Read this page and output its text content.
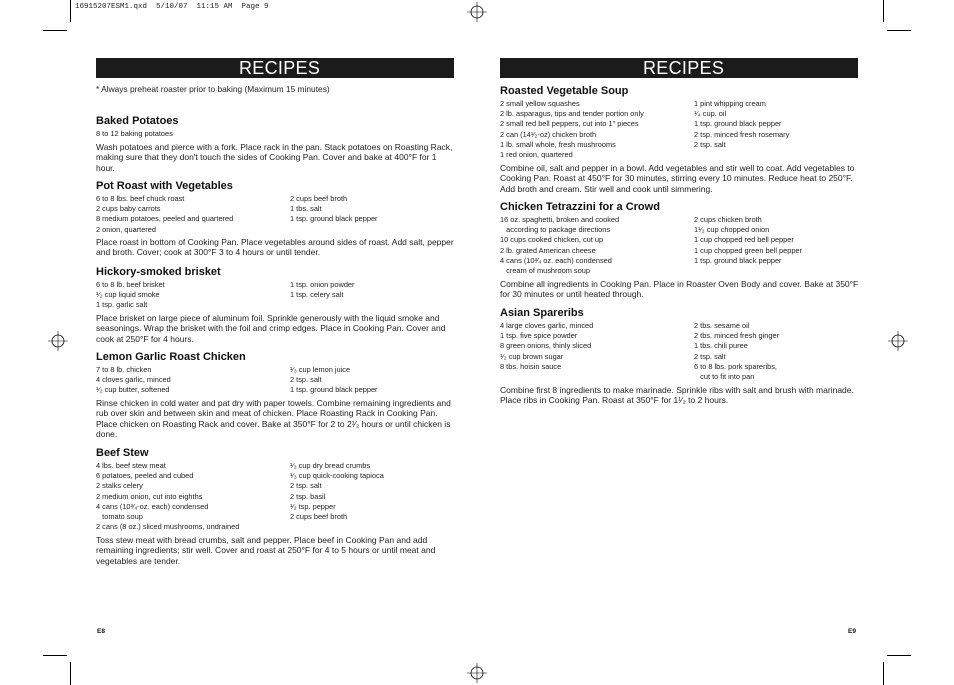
16915207ESM1.qxd  5/10/07  11:15 AM  Page 9
RECIPES
* Always preheat roaster prior to baking (Maximum 15 minutes)
Baked Potatoes
8 to 12 baking potatoes
Wash potatoes and pierce with a fork. Place rack in the pan. Stack potatoes on Roasting Rack, making sure that they don't touch the sides of Cooking Pan. Cover and bake at 400°F for 1 hour.
Pot Roast with Vegetables
6 to 8 lbs. beef chuck roast
2 cups baby carrots
8 medium potatoes, peeled and quartered
2 onion, quartered
2 cups beef broth
1 tbs. salt
1 tsp. ground black pepper
Place roast in bottom of Cooking Pan. Place vegetables around sides of roast. Add salt, pepper and broth. Cover; cook at 300°F 3 to 4 hours or until tender.
Hickory-smoked brisket
6 to 8 lb. beef brisket
¹⁄₂ cup liquid smoke
1 tsp. garlic salt
1 tsp. onion powder
1 tsp. celery salt
Place brisket on large piece of aluminum foil. Sprinkle generously with the liquid smoke and seasonings. Wrap the brisket with the foil and crimp edges. Place in Cooking Pan. Cover and cook at 250°F for 4 hours.
Lemon Garlic Roast Chicken
7 to 8 lb. chicken
4 cloves garlic, minced
¹⁄₂ cup butter, softened
¹⁄₃ cup lemon juice
2 tsp. salt
1 tsp. ground black pepper
Rinse chicken in cold water and pat dry with paper towels. Combine remaining ingredients and rub over skin and between skin and meat of chicken. Place Roasting Rack in Cooking Pan. Place chicken on Roasting Rack and cover. Bake at 350°F for 2 to 2¹⁄₂ hours or until chicken is done.
Beef Stew
4 lbs. beef stew meat
6 potatoes, peeled and cubed
2 stalks celery
2 medium onion, cut into eighths
4 cans (10³⁄₄-oz. each) condensed
tomato soup
2 cans (8 oz.) sliced mushrooms, undrained
¹⁄₂ cup dry bread crumbs
¹⁄₃ cup quick-cooking tapioca
2 tsp. salt
2 tsp. basil
¹⁄₂ tsp. pepper
2 cups beef broth
Toss stew meat with bread crumbs, salt and pepper. Place beef in Cooking Pan and add remaining ingredients; stir well. Cover and roast at 250°F for 4 to 5 hours or until meat and vegetables are tender.
E8
RECIPES
Roasted Vegetable Soup
2 small yellow squashes
2 lb. asparagus, tips and tender portion only
2 small red bell peppers, cut into 1" pieces
2 can (14¹⁄₂-oz) chicken broth
1 lb. small whole, fresh mushrooms
1 red onion, quartered
1 pint whipping cream
¹⁄₄ cup. oil
1 tsp. ground black pepper
2 tsp. minced fresh rosemary
2 tsp. salt
Combine oil, salt and pepper in a bowl. Add vegetables and stir well to coat. Add vegetables to Cooking Pan. Roast at 450°F for 30 minutes, stirring every 10 minutes. Reduce heat to 250°F. Add broth and cream. Stir well and cook until simmering.
Chicken Tetrazzini for a Crowd
16 oz. spaghetti, broken and cooked
according to package directions
10 cups cooked chicken, cut up
2 lb. grated American cheese
4 cans (10³⁄₄ oz. each) condensed
cream of mushroom soup
2 cups chicken broth
1¹⁄₂ cup chopped onion
1 cup chopped red bell pepper
1 cup chopped green bell pepper
1 tsp. ground black pepper
Combine all ingredients in Cooking Pan. Place in Roaster Oven Body and cover. Bake at 350°F for 30 minutes or until heated through.
Asian Spareribs
4 large cloves garlic, minced
1 tsp. five spice powder
8 green onions, thinly sliced
¹⁄₂ cup brown sugar
8 tbs. hoisin sauce
2 tbs. sesame oil
2 tbs. minced fresh ginger
1 tbs. chili puree
2 tsp. salt
6 to 8 lbs. pork spareribs,
cut to fit into pan
Combine first 8 ingredients to make marinade. Sprinkle ribs with salt and brush with marinade. Place ribs in Cooking Pan. Roast at 350°F for 1¹⁄₂ to 2 hours.
E9
